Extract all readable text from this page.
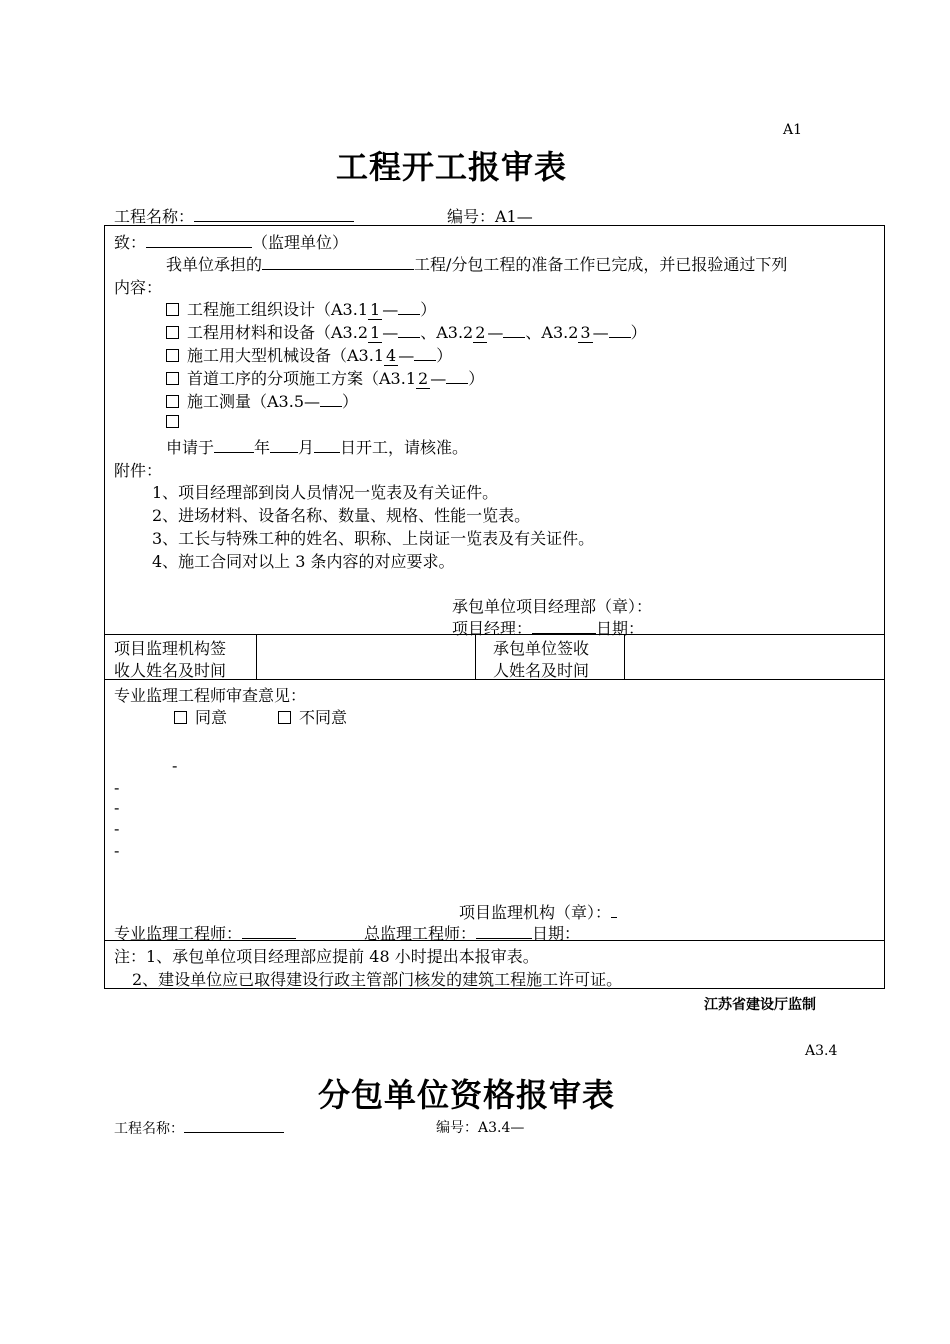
A1
工程开工报审表
工程名称：	编号：A1—
致：	（监理单位）
我单位承担的	工程/分包工程的准备工作已完成，并已报验通过下列
内容：
工程施工组织设计（A3.1 1 — ）
工程用材料和设备（A3.2 1 — 、A3.2 2 — 、A3.2 3 — ）
施工用大型机械设备（A3.1 4 — ）
首道工序的分项施工方案（A3.1 2 — ）
施工测量（A3.5— ）
申请于	年 月 日开工，请核准。
附件：
1、项目经理部到岗人员情况一览表及有关证件。
2、进场材料、设备名称、数量、规格、性能一览表。
3、工长与特殊工种的姓名、职称、上岗证一览表及有关证件。
4、施工合同对以上 3 条内容的对应要求。
承包单位项目经理部（章）：
项目经理：	日期：
项目监理机构签
收人姓名及时间
承包单位签收
人姓名及时间
专业监理工程师审查意见：
同意	不同意
-
-
-
-
-
项目监理机构（章）：
专业监理工程师：	总监理工程师：	日期：
注：1、承包单位项目经理部应提前 48 小时提出本报审表。
2、建设单位应已取得建设行政主管部门核发的建筑工程施工许可证。
江苏省建设厅监制
A3.4
分包单位资格报审表
工程名称：	编号：A3.4—
